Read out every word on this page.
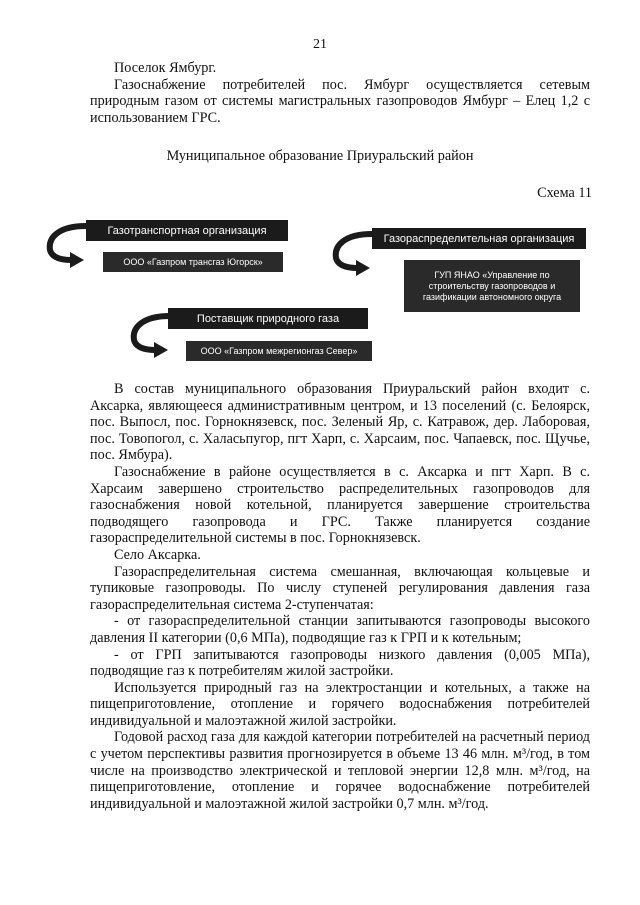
21

Поселок Ямбург.

Газоснабжение потребителей пос. Ямбург осуществляется сетевым природным газом от системы магистральных газопроводов Ямбург – Елец 1,2 с использованием ГРС.

Муниципальное образование Приуральский район
Схема 11
Газотранспортная организация
ООО «Газпром трансгаз Югорск»
Газораспределительная организация
ГУП ЯНАО «Управление по строительству газопроводов и газификации автономного округа
Поставщик природного газа
ООО «Газпром межрегионгаз Север»

В состав муниципального образования Приуральский район входит с. Аксарка, являющееся административным центром, и 13 поселений (с. Белоярск, пос. Выпосл, пос. Горнокнязевск, пос. Зеленый Яр, с. Катравож, дер. Лаборовая, пос. Товопогол, с. Халасьпугор, пгт Харп, с. Харсаим, пос. Чапаевск, пос. Щучье, пос. Ямбура).

Газоснабжение в районе осуществляется в с. Аксарка и пгт Харп. В с. Харсаим завершено строительство распределительных газопроводов для газоснабжения новой котельной, планируется завершение строительства подводящего газопровода и ГРС. Также планируется создание газораспределительной системы в пос. Горнокнязевск.

Село Аксарка.

Газораспределительная система смешанная, включающая кольцевые и тупиковые газопроводы. По числу ступеней регулирования давления газа газораспределительная система 2-ступенчатая:

- от газораспределительной станции запитываются газопроводы высокого давления II категории (0,6 МПа), подводящие газ к ГРП и к котельным;

- от ГРП запитываются газопроводы низкого давления (0,005 МПа), подводящие газ к потребителям жилой застройки.

Используется природный газ на электростанции и котельных, а также на пищеприготовление, отопление и горячего водоснабжения потребителей индивидуальной и малоэтажной жилой застройки.

Годовой расход газа для каждой категории потребителей на расчетный период с учетом перспективы развития прогнозируется в объеме 13 46 млн. м³/год, в том числе на производство электрической и тепловой энергии 12,8 млн. м³/год, на пищеприготовление, отопление и горячее водоснабжение потребителей индивидуальной и малоэтажной жилой застройки 0,7 млн. м³/год.
